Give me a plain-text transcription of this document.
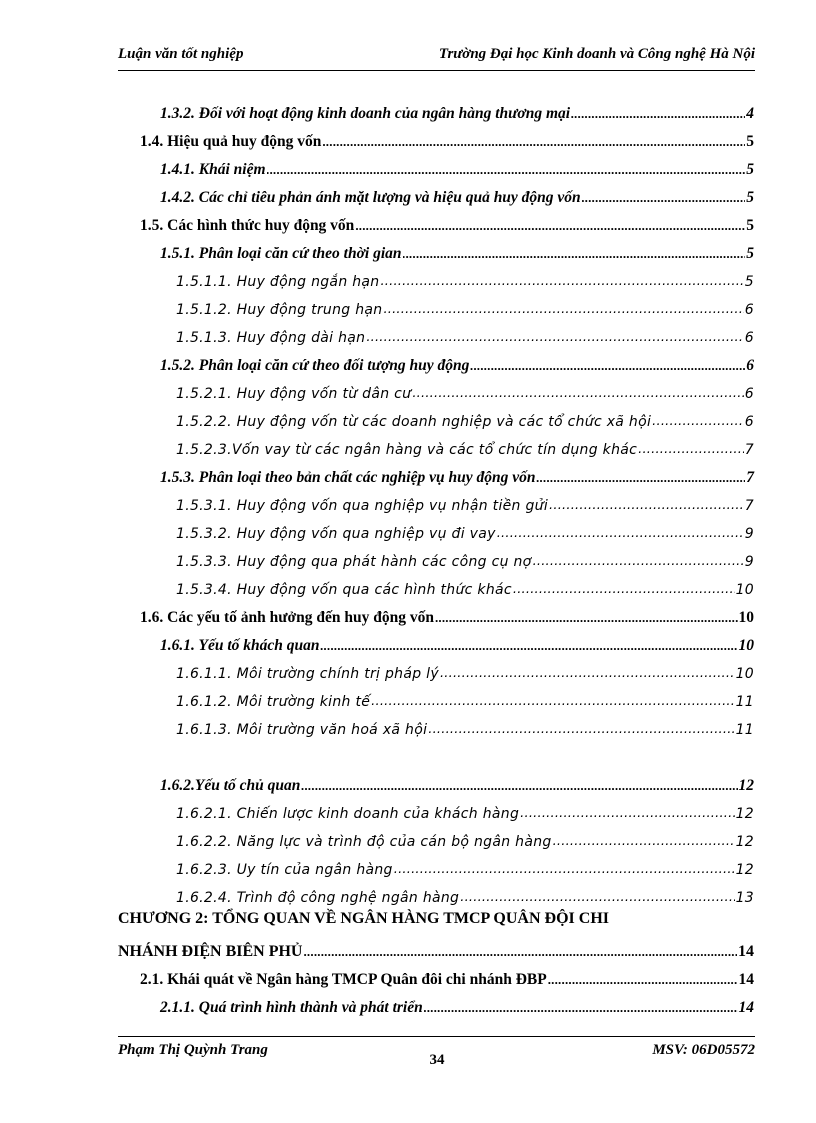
Luận văn tốt nghiệp	Trường Đại học Kinh doanh và Công nghệ Hà Nội
1.3.2. Đối với hoạt động kinh doanh của ngân hàng thương mại .....	4
1.4. Hiệu quả huy động vốn .....	5
1.4.1. Khái niệm .....	5
1.4.2. Các chỉ tiêu phản ánh mặt lượng và hiệu quả huy động vốn .....	5
1.5. Các hình thức huy động vốn .....	5
1.5.1. Phân loại căn cứ theo thời gian .....	5
1.5.1.1. Huy động ngắn hạn .....	5
1.5.1.2. Huy động trung hạn .....	6
1.5.1.3. Huy động dài hạn .....	6
1.5.2. Phân loại căn cứ theo đối tượng huy động .....	6
1.5.2.1. Huy động vốn từ dân cư .....	6
1.5.2.2. Huy động vốn từ các doanh nghiệp và các tổ chức xã hội .....	6
1.5.2.3.Vốn vay từ các ngân hàng và các tổ chức tín dụng khác .....	7
1.5.3. Phân loại theo bản chất các nghiệp vụ huy động vốn .....	7
1.5.3.1. Huy động vốn qua nghiệp vụ nhận tiền gửi .....	7
1.5.3.2. Huy động vốn qua nghiệp vụ đi vay .....	9
1.5.3.3. Huy động qua phát hành các công cụ nợ .....	9
1.5.3.4. Huy động vốn qua các hình thức khác .....	10
1.6. Các yếu tố ảnh hưởng đến huy động vốn .....	10
1.6.1. Yếu tố khách quan .....	10
1.6.1.1. Môi trường chính trị pháp lý .....	10
1.6.1.2. Môi trường kinh tế .....	11
1.6.1.3. Môi trường văn hoá xã hội .....	11
1.6.2.Yếu tố chủ quan .....	12
1.6.2.1. Chiến lược kinh doanh của khách hàng .....	12
1.6.2.2. Năng lực và trình độ của cán bộ ngân hàng .....	12
1.6.2.3. Uy tín của ngân hàng .....	12
1.6.2.4. Trình độ công nghệ ngân hàng .....	13
CHƯƠNG 2: TỔNG QUAN VỀ NGÂN HÀNG TMCP QUÂN ĐỘI CHI
NHÁNH ĐIỆN BIÊN PHỦ .....	14
2.1. Khái quát về Ngân hàng TMCP Quân đôi chi nhánh ĐBP .....	14
2.1.1. Quá trình hình thành và phát triển .....	14
Phạm Thị Quỳnh Trang
34
MSV: 06D05572
